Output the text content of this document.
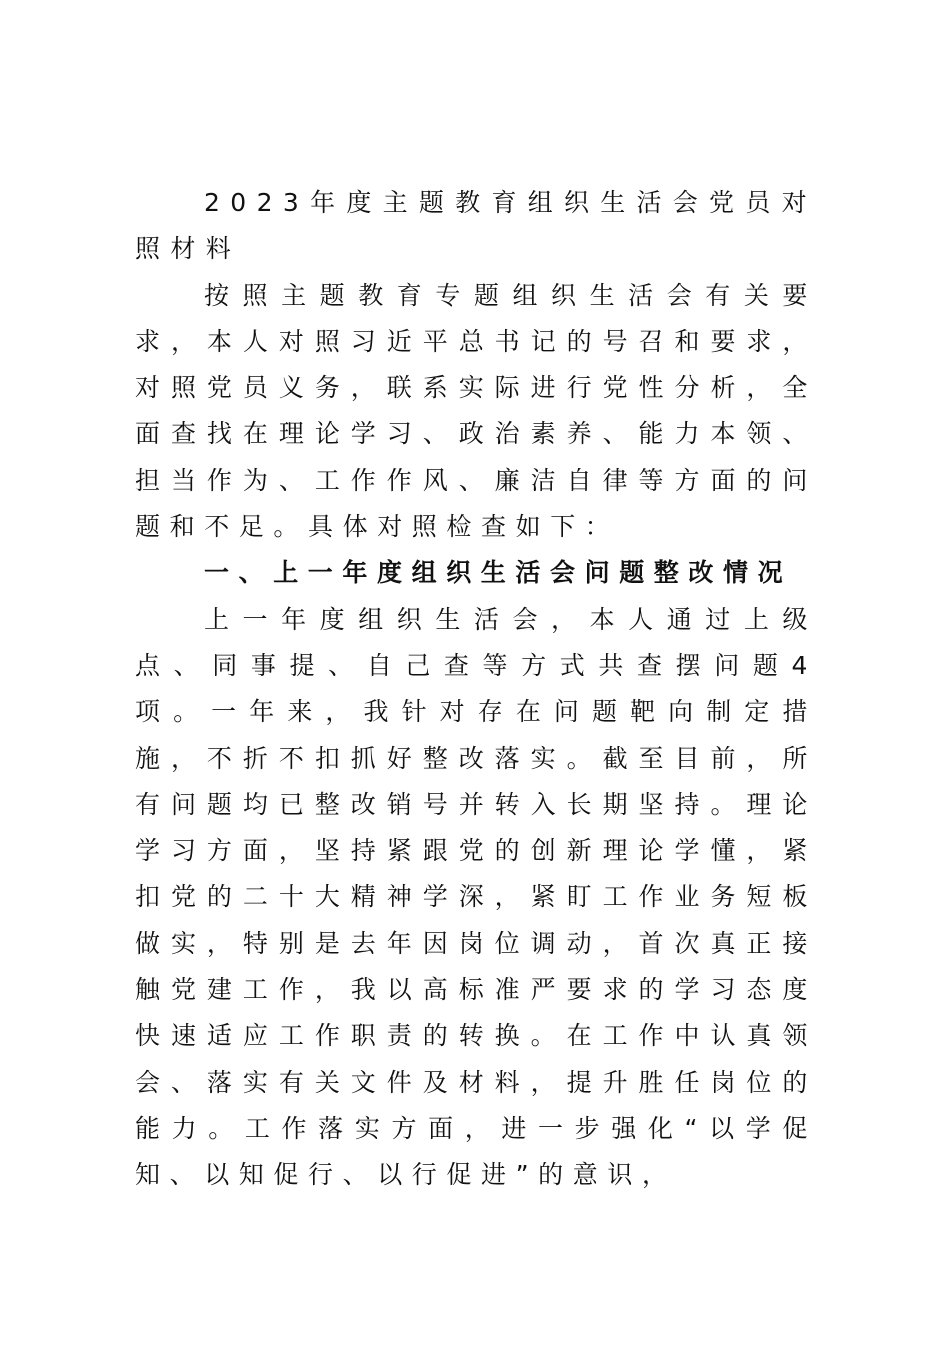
2023年度主题教育组织生活会党员对照材料

按照主题教育专题组织生活会有关要求，本人对照习近平总书记的号召和要求，对照党员义务，联系实际进行党性分析，全面查找在理论学习、政治素养、能力本领、担当作为、工作作风、廉洁自律等方面的问题和不足。具体对照检查如下：

一、上一年度组织生活会问题整改情况

上一年度组织生活会，本人通过上级点、同事提、自己查等方式共查摆问题4项。一年来，我针对存在问题靶向制定措施，不折不扣抓好整改落实。截至目前，所有问题均已整改销号并转入长期坚持。理论学习方面，坚持紧跟党的创新理论学懂，紧扣党的二十大精神学深，紧盯工作业务短板做实，特别是去年因岗位调动，首次真正接触党建工作，我以高标准严要求的学习态度快速适应工作职责的转换。在工作中认真领会、落实有关文件及材料，提升胜任岗位的能力。工作落实方面，进一步强化“以学促知、以知促行、以行促进”的意识，
